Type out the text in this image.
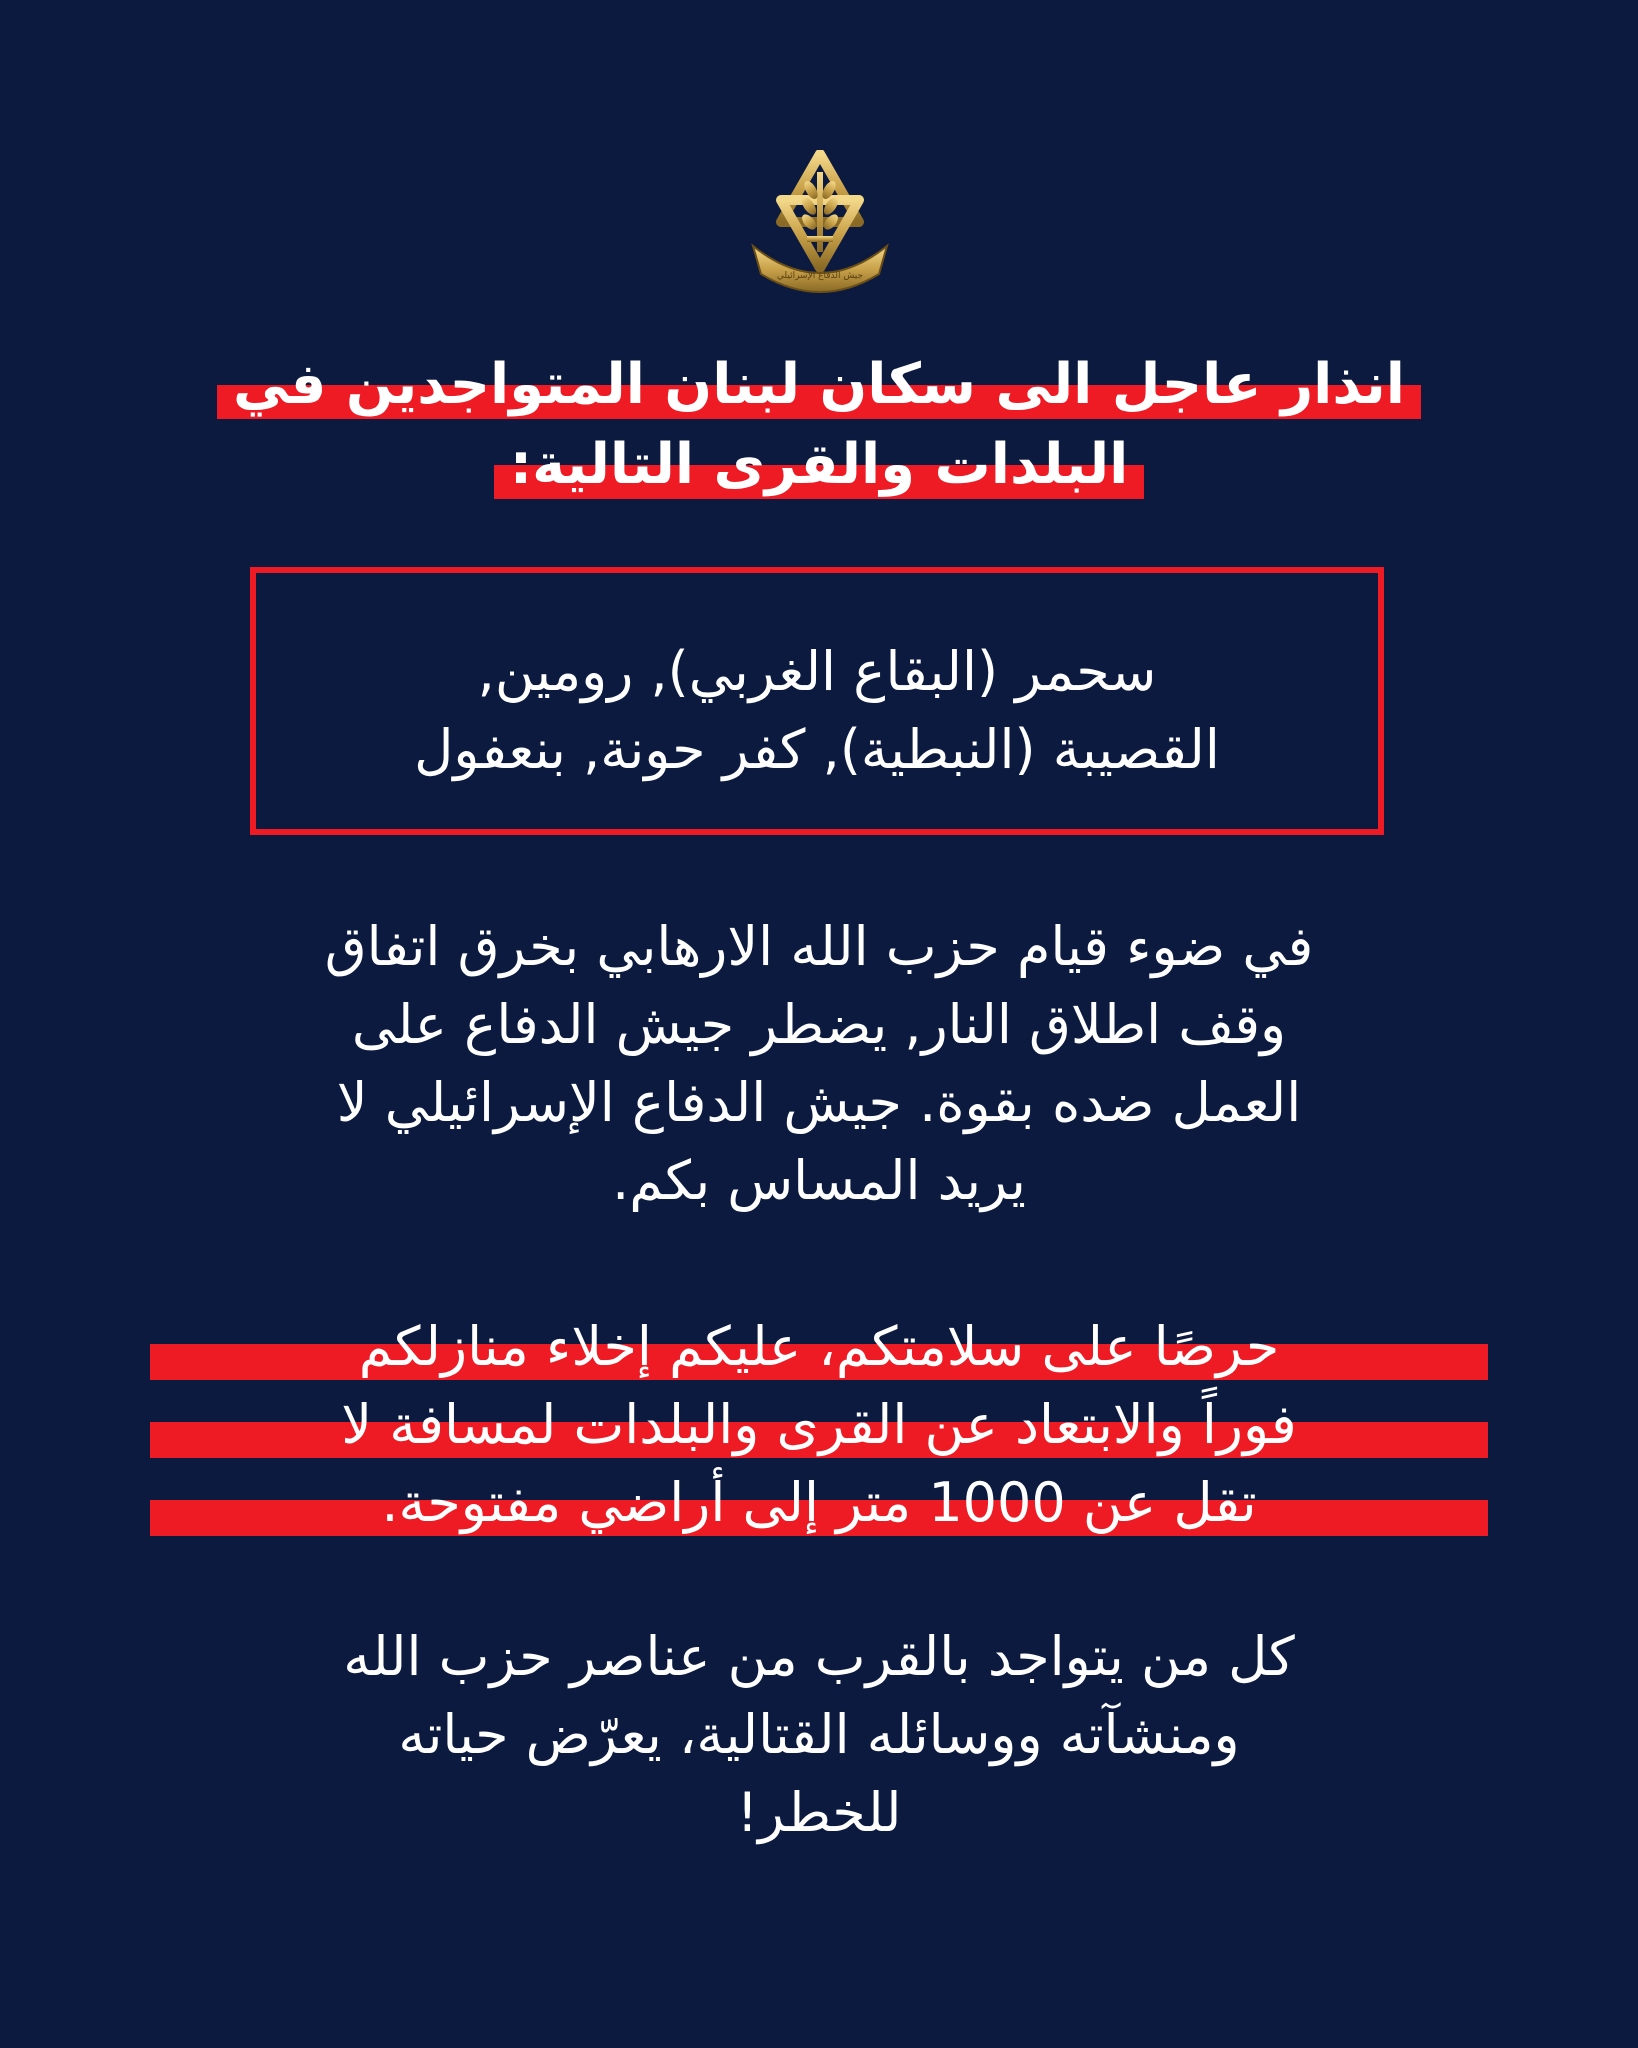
جيش الدفاع الإسرائيلي
انذار عاجل الى سكان لبنان المتواجدين في
البلدات والقرى التالية:
سحمر (البقاع الغربي), رومين,
القصيبة (النبطية), كفر حونة, بنعفول
في ضوء قيام حزب الله الارهابي بخرق اتفاق
وقف اطلاق النار, يضطر جيش الدفاع على
العمل ضده بقوة. جيش الدفاع الإسرائيلي لا
يريد المساس بكم.
حرصًا على سلامتكم، عليكم إخلاء منازلكم
فوراً والابتعاد عن القرى والبلدات لمسافة لا
تقل عن 1000 متر إلى أراضي مفتوحة.
كل من يتواجد بالقرب من عناصر حزب الله
ومنشآته ووسائله القتالية، يعرّض حياته
للخطر!
